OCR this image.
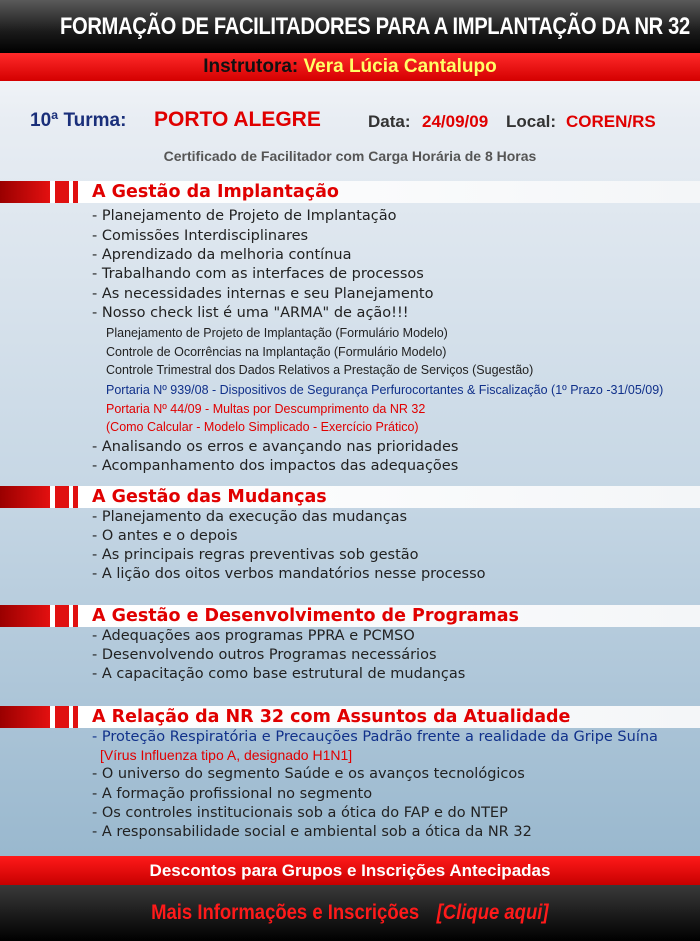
FORMAÇÃO DE FACILITADORES PARA A IMPLANTAÇÃO DA NR 32
Instrutora: Vera Lúcia Cantalupo
10ª Turma: PORTO ALEGRE	Data: 24/09/09 Local: COREN/RS
Certificado de Facilitador com Carga Horária de 8 Horas
A Gestão da Implantação
- Planejamento de Projeto de Implantação
- Comissões Interdisciplinares
- Aprendizado da melhoria contínua
- Trabalhando com as interfaces de processos
- As necessidades internas e seu Planejamento
- Nosso check list é uma "ARMA" de ação!!!
Planejamento de Projeto de Implantação (Formulário Modelo)
Controle de Ocorrências na Implantação (Formulário Modelo)
Controle Trimestral dos Dados Relativos a Prestação de Serviços (Sugestão)
Portaria Nº 939/08 - Dispositivos de Segurança Perfurocortantes & Fiscalização (1º Prazo -31/05/09)
Portaria Nº 44/09 - Multas por Descumprimento da NR 32
(Como Calcular - Modelo Simplicado - Exercício Prático)
- Analisando os erros e avançando nas prioridades
- Acompanhamento dos impactos das adequações
A Gestão das Mudanças
- Planejamento da execução das mudanças
- O antes e o depois
- As principais regras preventivas sob gestão
- A lição dos oitos verbos mandatórios nesse processo
A Gestão e Desenvolvimento de Programas
- Adequações aos programas PPRA e PCMSO
- Desenvolvendo outros Programas necessários
- A capacitação como base estrutural de mudanças
A Relação da NR 32 com Assuntos da Atualidade
- Proteção Respiratória e Precauções Padrão frente a realidade da Gripe Suína
[Vírus Influenza tipo A, designado H1N1]
- O universo do segmento Saúde e os avanços tecnológicos
- A formação profissional no segmento
- Os controles institucionais sob a ótica do FAP e do NTEP
- A responsabilidade social e ambiental sob a ótica da NR 32
Descontos para Grupos e Inscrições Antecipadas
Mais Informações e Inscrições [Clique aqui]
